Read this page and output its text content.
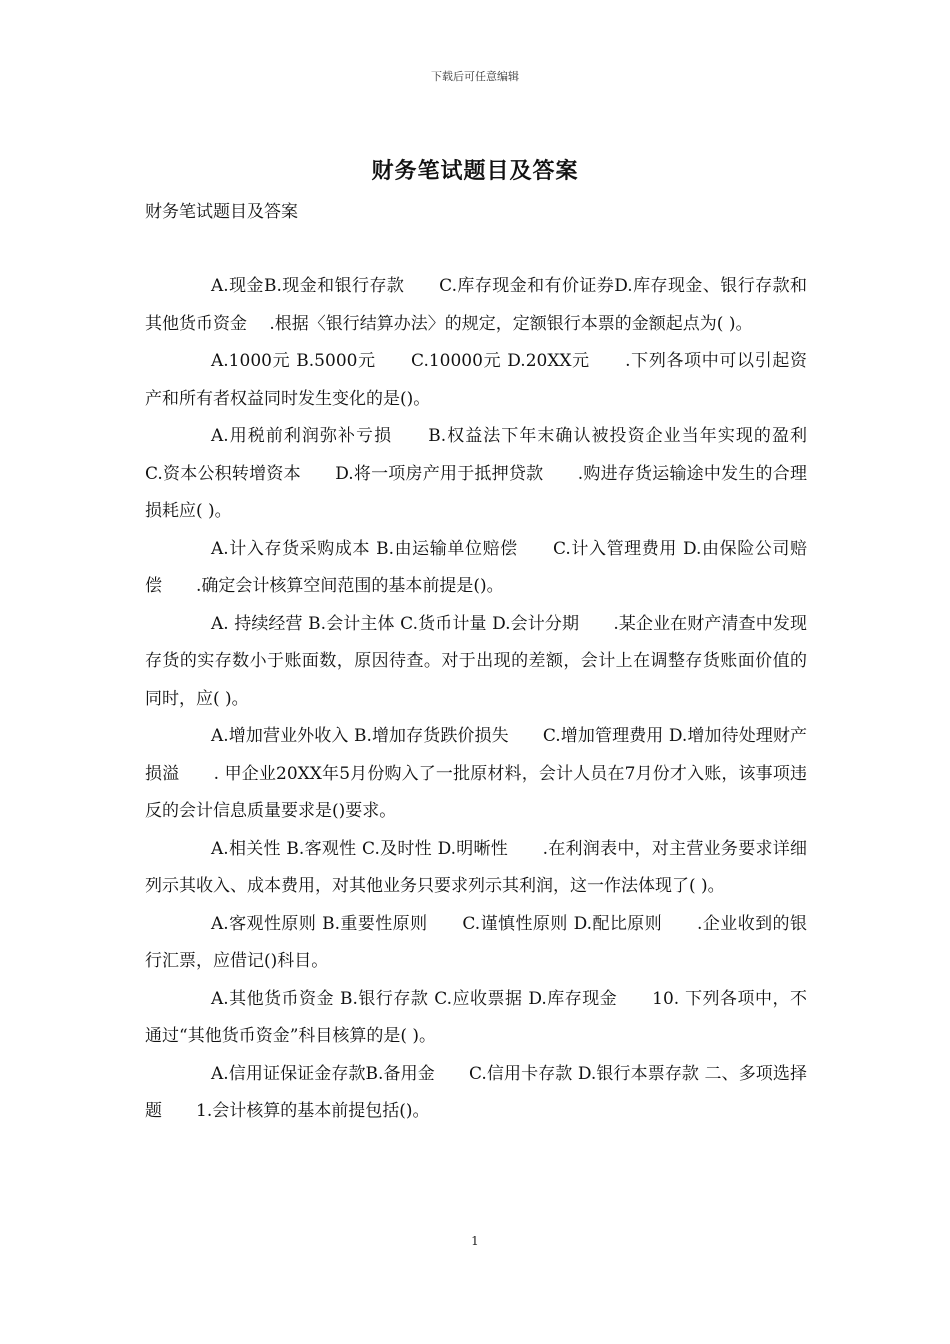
下载后可任意编辑
财务笔试题目及答案
财务笔试题目及答案

A.现金B.现金和银行存款　　C.库存现金和有价证券D.库存现金、银行存款和其他货币资金　 .根据〈银行结算办法〉的规定，定额银行本票的金额起点为( )。

A.1000元 B.5000元　　C.10000元 D.20XX元　　.下列各项中可以引起资产和所有者权益同时发生变化的是()。

A.用税前利润弥补亏损　　B.权益法下年末确认被投资企业当年实现的盈利　　C.资本公积转增资本　　D.将一项房产用于抵押贷款　　.购进存货运输途中发生的合理损耗应( )。

A.计入存货采购成本 B.由运输单位赔偿　　C.计入管理费用 D.由保险公司赔偿　　.确定会计核算空间范围的基本前提是()。

A. 持续经营 B.会计主体 C.货币计量 D.会计分期　　.某企业在财产清查中发现存货的实存数小于账面数，原因待查。对于出现的差额，会计上在调整存货账面价值的同时，应( )。

A.增加营业外收入 B.增加存货跌价损失　　C.增加管理费用 D.增加待处理财产损溢　　. 甲企业20XX年5月份购入了一批原材料，会计人员在7月份才入账，该事项违反的会计信息质量要求是()要求。

A.相关性 B.客观性 C.及时性 D.明晰性　　.在利润表中，对主营业务要求详细列示其收入、成本费用，对其他业务只要求列示其利润，这一作法体现了( )。

A.客观性原则 B.重要性原则　　C.谨慎性原则 D.配比原则　　.企业收到的银行汇票，应借记()科目。

A.其他货币资金 B.银行存款 C.应收票据 D.库存现金　　10. 下列各项中，不通过“其他货币资金”科目核算的是( )。

A.信用证保证金存款B.备用金　　C.信用卡存款 D.银行本票存款 二、多项选择题　　1.会计核算的基本前提包括()。

1
